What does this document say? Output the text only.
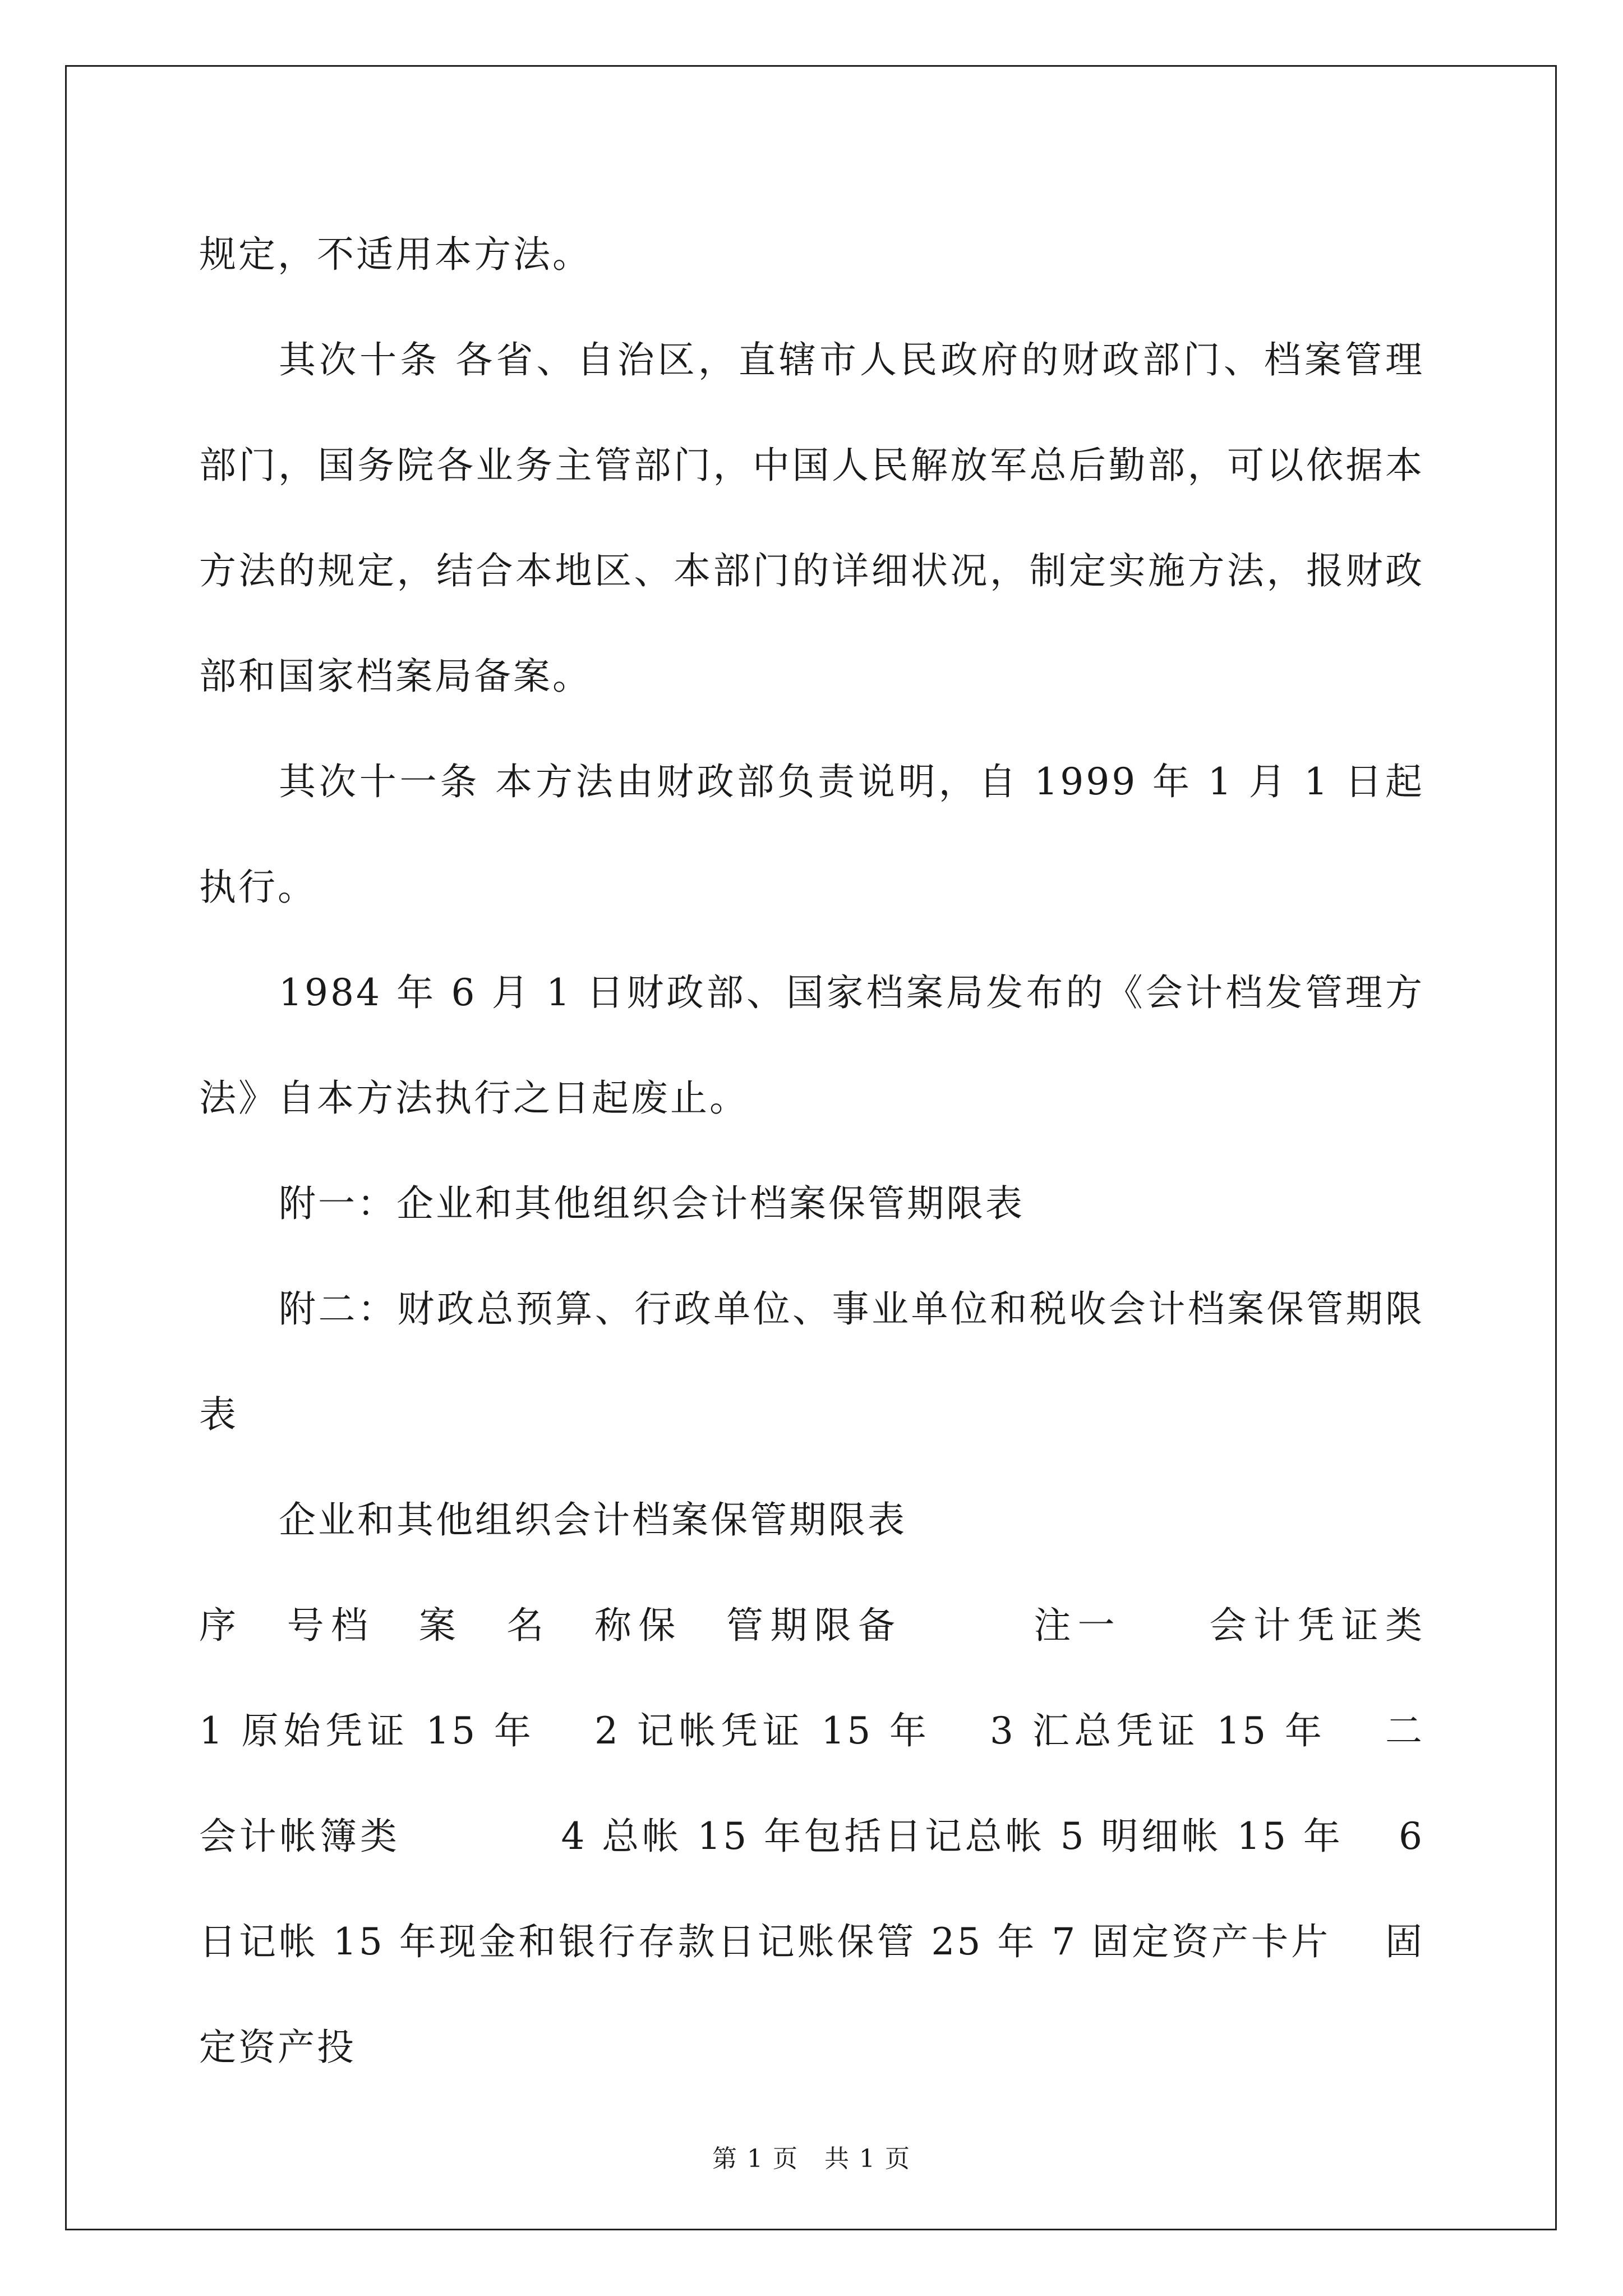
规定，不适用本方法。

其次十条 各省、自治区，直辖市人民政府的财政部门、档案管理部门，国务院各业务主管部门，中国人民解放军总后勤部，可以依据本方法的规定，结合本地区、本部门的详细状况，制定实施方法，报财政部和国家档案局备案。

其次十一条 本方法由财政部负责说明，自 1999 年 1 月 1 日起执行。

1984 年 6 月 1 日财政部、国家档案局发布的《会计档发管理方法》自本方法执行之日起废止。

附一：企业和其他组织会计档案保管期限表

附二：财政总预算、行政单位、事业单位和税收会计档案保管期限表

企业和其他组织会计档案保管期限表

序　号档　案　名　称保　管期限备　　　注一　　会计凭证类　　　　　1 原始凭证 15 年　 2 记帐凭证 15 年　 3 汇总凭证 15 年　 二　　会计帐簿类　　　　4 总帐 15 年包括日记总帐 5 明细帐 15 年　 6 日记帐 15 年现金和银行存款日记账保管 25 年 7 固定资产卡片　 固定资产投

第 1 页　共 1 页
